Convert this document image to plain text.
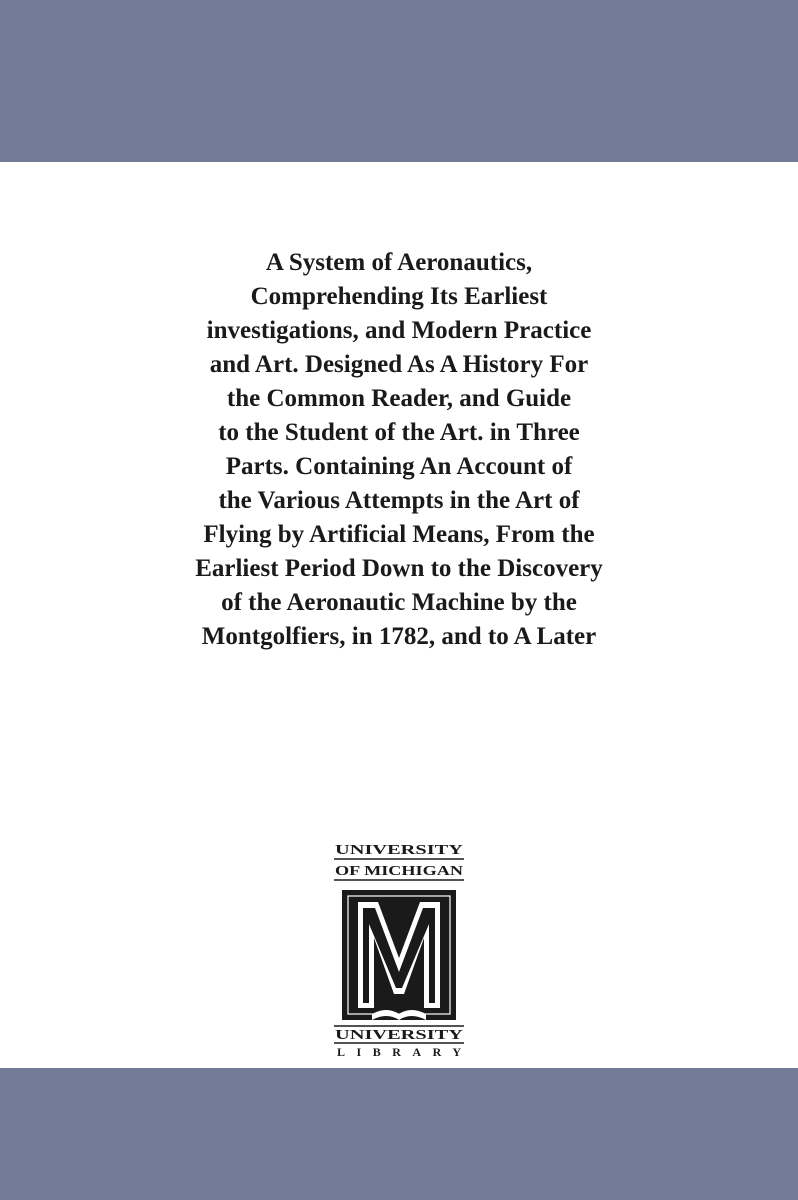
A System of Aeronautics,
Comprehending Its Earliest
investigations, and Modern Practice
and Art. Designed As A History For
the Common Reader, and Guide
to the Student of the Art. in Three
Parts. Containing An Account of
the Various Attempts in the Art of
Flying by Artificial Means, From the
Earliest Period Down to the Discovery
of the Aeronautic Machine by the
Montgolfiers, in 1782, and to A Later
UNIVERSITY
OF MICHIGAN
UNIVERSITY
LIBRARY
